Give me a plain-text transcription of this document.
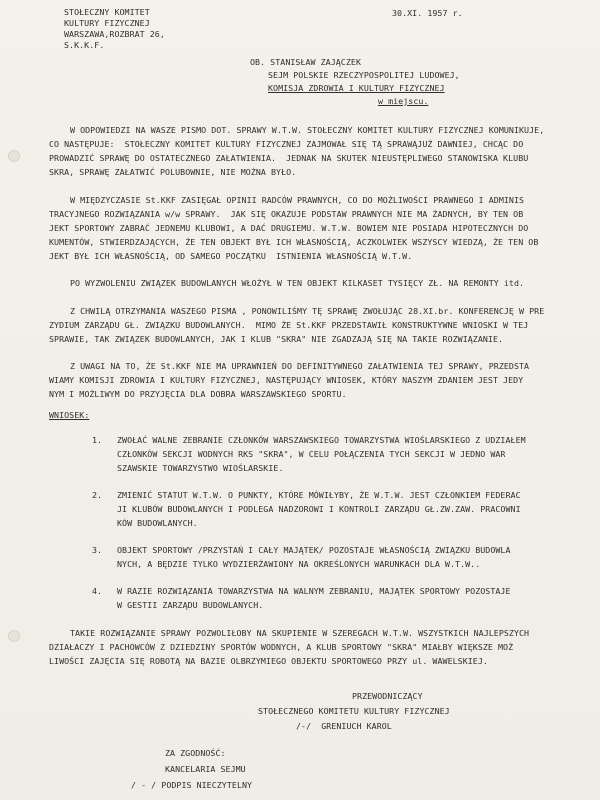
STOŁECZNY KOMITET
KULTURY FIZYCZNEJ
WARSZAWA,ROZBRAT 26,
S.K.K.F.
30.XI. 1957 r.
OB. STANISŁAW ZAJĄCZEK
SEJM POLSKIE RZECZYPOSPOLITEJ LUDOWEJ,
KOMISJA ZDROWIA I KULTURY FIZYCZNEJ
w miejscu.
W ODPOWIEDZI NA WASZE PISMO DOT. SPRAWY W.T.W. STOŁECZNY KOMITET KULTURY FIZYCZNEJ KOMUNIKUJE,
CO NASTĘPUJE:  STOŁECZNY KOMITET KULTURY FIZYCZNEJ ZAJMOWAŁ SIĘ TĄ SPRAWĄJUŻ DAWNIEJ, CHCĄC DO
PROWADZIĆ SPRAWĘ DO OSTATECZNEGO ZAŁATWIENIA.  JEDNAK NA SKUTEK NIEUSTĘPLIWEGO STANOWISKA KLUBU
SKRA, SPRAWĘ ZAŁATWIĆ POLUBOWNIE, NIE MOŻNA BYŁO.
W MIĘDZYCZASIE St.KKF ZASIĘGAŁ OPINII RADCÓW PRAWNYCH, CO DO MOŻLIWOŚCI PRAWNEGO I ADMINIS
TRACYJNEGO ROZWIĄZANIA w/w SPRAWY.  JAK SIĘ OKAZUJE PODSTAW PRAWNYCH NIE MA ŻADNYCH, BY TEN OB
JEKT SPORTOWY ZABRAĆ JEDNEMU KLUBOWI, A DAĆ DRUGIEMU. W.T.W. BOWIEM NIE POSIADA HIPOTECZNYCH DO
KUMENTÓW, STWIERDZAJĄCYCH, ŻE TEN OBJEKT BYŁ ICH WŁASNOŚCIĄ, ACZKOLWIEK WSZYSCY WIEDZĄ, ŻE TEN OB
JEKT BYŁ ICH WŁASNOŚCIĄ, OD SAMEGO POCZĄTKU  ISTNIENIA WŁASNOŚCIĄ W.T.W.
PO WYZWOLENIU ZWIĄZEK BUDOWLANYCH WŁOŻYŁ W TEN OBJEKT KILKASET TYSIĘCY ZŁ. NA REMONTY itd.
Z CHWILĄ OTRZYMANIA WASZEGO PISMA , PONOWILIŚMY TĘ SPRAWĘ ZWOŁUJĄC 28.XI.br. KONFERENCJĘ W PRE
ZYDIUM ZARZĄDU GŁ. ZWIĄZKU BUDOWLANYCH.  MIMO ŻE St.KKF PRZEDSTAWIŁ KONSTRUKTYWNE WNIOSKI W TEJ
SPRAWIE, TAK ZWIĄZEK BUDOWLANYCH, JAK I KLUB "SKRA" NIE ZGADZAJĄ SIĘ NA TAKIE ROZWIĄZANIE.
Z UWAGI NA TO, ŻE St.KKF NIE MA UPRAWNIEŃ DO DEFINITYWNEGO ZAŁATWIENIA TEJ SPRAWY, PRZEDSTA
WIAMY KOMISJI ZDROWIA I KULTURY FIZYCZNEJ, NASTĘPUJĄCY WNIOSEK, KTÓRY NASZYM ZDANIEM JEST JEDY
NYM I MOŻLIWYM DO PRZYJĘCIA DLA DOBRA WARSZAWSKIEGO SPORTU.
WNIOSEK:
1. ZWOŁAĆ WALNE ZEBRANIE CZŁONKÓW WARSZAWSKIEGO TOWARZYSTWA WIOŚLARSKIEGO Z UDZIAŁEM
CZŁONKÓW SEKCJI WODNYCH RKS "SKRA", W CELU POŁĄCZENIA TYCH SEKCJI W JEDNO WAR
SZAWSKIE TOWARZYSTWO WIOŚLARSKIE.
2. ZMIENIĆ STATUT W.T.W. O PUNKTY, KTÓRE MÓWIŁYBY, ŻE W.T.W. JEST CZŁONKIEM FEDERAC
JI KLUBÓW BUDOWLANYCH I PODLEGA NADZOROWI I KONTROLI ZARZĄDU GŁ.ZW.ZAW. PRACOWNI
KÓW BUDOWLANYCH.
3. OBJEKT SPORTOWY /PRZYSTAŃ I CAŁY MAJĄTEK/ POZOSTAJE WŁASNOŚCIĄ ZWIĄZKU BUDOWLA
NYCH, A BĘDZIE TYLKO WYDZIERŻAWIONY NA OKREŚLONYCH WARUNKACH DLA W.T.W..
4. W RAZIE ROZWIĄZANIA TOWARZYSTWA NA WALNYM ZEBRANIU, MAJĄTEK SPORTOWY POZOSTAJE
W GESTII ZARZĄDU BUDOWLANYCH.
TAKIE ROZWIĄZANIE SPRAWY POZWOLIŁOBY NA SKUPIENIE W SZEREGACH W.T.W. WSZYSTKICH NAJLEPSZYCH
DZIAŁACZY I PACHOWCÓW Z DZIEDZINY SPORTÓW WODNYCH, A KLUB SPORTOWY "SKRA" MIAŁBY WIĘKSZE MOŻ
LIWOŚCI ZAJĘCIA SIĘ ROBOTĄ NA BAZIE OLBRZYMIEGO OBJEKTU SPORTOWEGO PRZY ul. WAWELSKIEJ.
PRZEWODNICZĄCY
STOŁECZNEGO KOMITETU KULTURY FIZYCZNEJ
/-/  GRENIUCH KAROL
ZA ZGODNOŚĆ:
KANCELARIA SEJMU
/ - / PODPIS NIECZYTELNY
